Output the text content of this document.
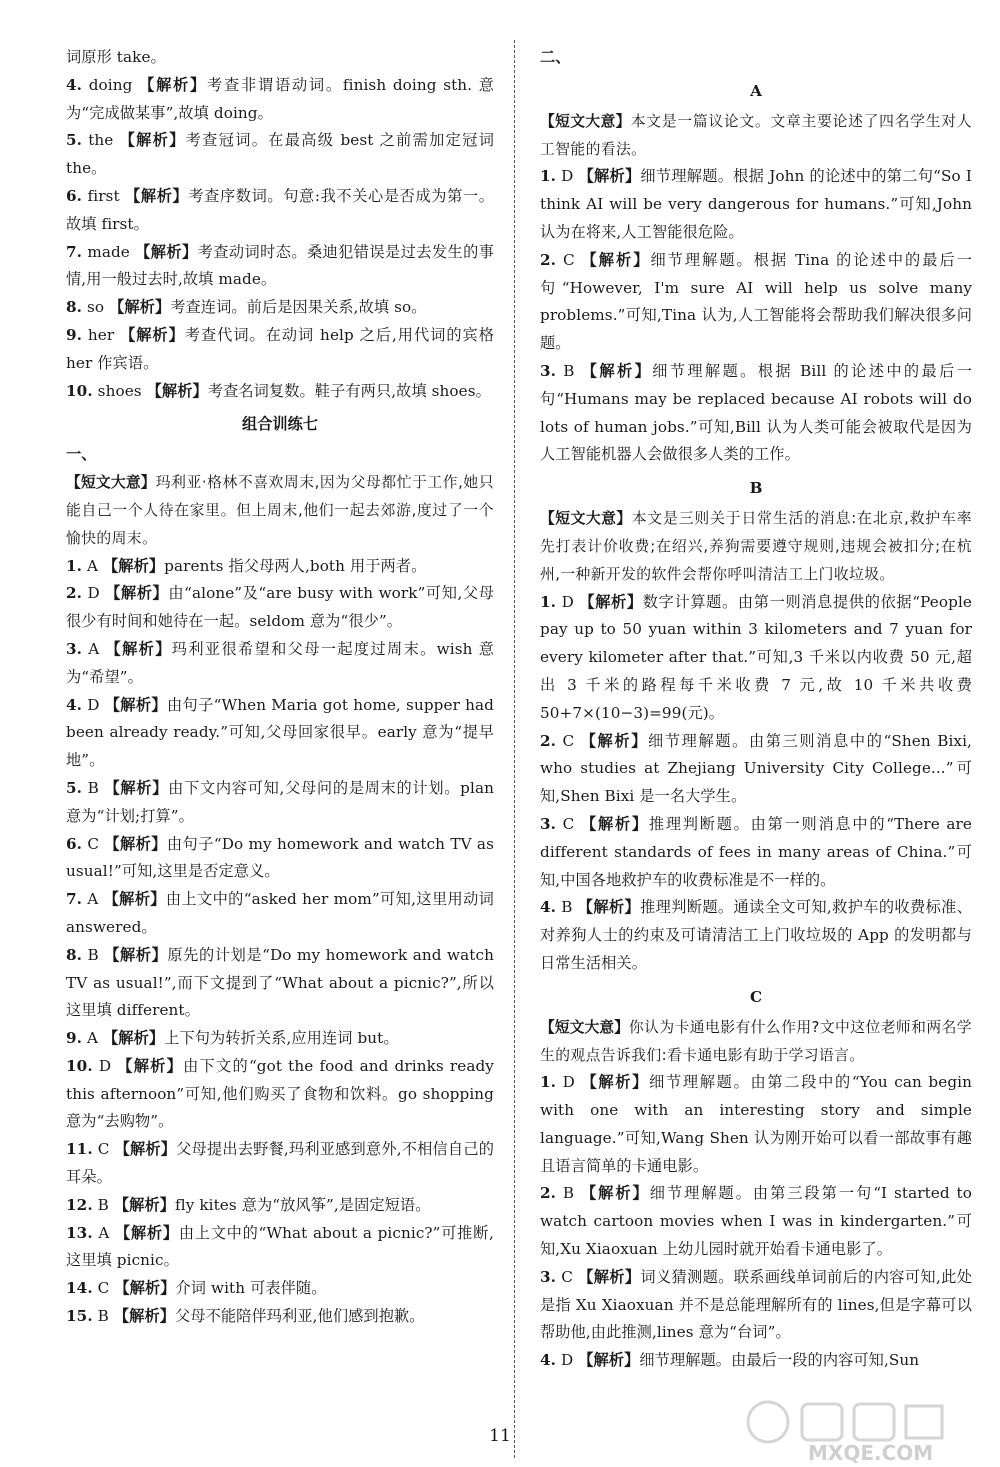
词原形 take。

4. doing 【解析】考查非谓语动词。finish doing sth. 意为“完成做某事”,故填 doing。

5. the 【解析】考查冠词。在最高级 best 之前需加定冠词 the。

6. first 【解析】考查序数词。句意:我不关心是否成为第一。故填 first。

7. made 【解析】考查动词时态。桑迪犯错误是过去发生的事情,用一般过去时,故填 made。

8. so 【解析】考查连词。前后是因果关系,故填 so。

9. her 【解析】考查代词。在动词 help 之后,用代词的宾格 her 作宾语。

10. shoes 【解析】考查名词复数。鞋子有两只,故填 shoes。

组合训练七
一、

【短文大意】玛利亚·格林不喜欢周末,因为父母都忙于工作,她只能自己一个人待在家里。但上周末,他们一起去郊游,度过了一个愉快的周末。

1. A 【解析】parents 指父母两人,both 用于两者。

2. D 【解析】由“alone”及“are busy with work”可知,父母很少有时间和她待在一起。seldom 意为“很少”。

3. A 【解析】玛利亚很希望和父母一起度过周末。wish 意为“希望”。

4. D 【解析】由句子“When Maria got home, supper had been already ready.”可知,父母回家很早。early 意为“提早地”。

5. B 【解析】由下文内容可知,父母问的是周末的计划。plan 意为“计划;打算”。

6. C 【解析】由句子“Do my homework and watch TV as usual!”可知,这里是否定意义。

7. A 【解析】由上文中的“asked her mom”可知,这里用动词 answered。

8. B 【解析】原先的计划是“Do my homework and watch TV as usual!”,而下文提到了“What about a picnic?”,所以这里填 different。

9. A 【解析】上下句为转折关系,应用连词 but。

10. D 【解析】由下文的“got the food and drinks ready this afternoon”可知,他们购买了食物和饮料。go shopping 意为“去购物”。

11. C 【解析】父母提出去野餐,玛利亚感到意外,不相信自己的耳朵。

12. B 【解析】fly kites 意为“放风筝”,是固定短语。

13. A 【解析】由上文中的“What about a picnic?”可推断,这里填 picnic。

14. C 【解析】介词 with 可表伴随。

15. B 【解析】父母不能陪伴玛利亚,他们感到抱歉。

二、
A

【短文大意】本文是一篇议论文。文章主要论述了四名学生对人工智能的看法。

1. D 【解析】细节理解题。根据 John 的论述中的第二句“So I think AI will be very dangerous for humans.”可知,John 认为在将来,人工智能很危险。

2. C 【解析】细节理解题。根据 Tina 的论述中的最后一句“However, I'm sure AI will help us solve many problems.”可知,Tina 认为,人工智能将会帮助我们解决很多问题。

3. B 【解析】细节理解题。根据 Bill 的论述中的最后一句“Humans may be replaced because AI robots will do lots of human jobs.”可知,Bill 认为人类可能会被取代是因为人工智能机器人会做很多人类的工作。

B

【短文大意】本文是三则关于日常生活的消息:在北京,救护车率先打表计价收费;在绍兴,养狗需要遵守规则,违规会被扣分;在杭州,一种新开发的软件会帮你呼叫清洁工上门收垃圾。

1. D 【解析】数字计算题。由第一则消息提供的依据“People pay up to 50 yuan within 3 kilometers and 7 yuan for every kilometer after that.”可知,3 千米以内收费 50 元,超出 3 千米的路程每千米收费 7 元,故 10 千米共收费 50+7×(10−3)=99(元)。

2. C 【解析】细节理解题。由第三则消息中的“Shen Bixi, who studies at Zhejiang University City College...”可知,Shen Bixi 是一名大学生。

3. C 【解析】推理判断题。由第一则消息中的“There are different standards of fees in many areas of China.”可知,中国各地救护车的收费标准是不一样的。

4. B 【解析】推理判断题。通读全文可知,救护车的收费标准、对养狗人士的约束及可请清洁工上门收垃圾的 App 的发明都与日常生活相关。

C

【短文大意】你认为卡通电影有什么作用?文中这位老师和两名学生的观点告诉我们:看卡通电影有助于学习语言。

1. D 【解析】细节理解题。由第二段中的“You can begin with one with an interesting story and simple language.”可知,Wang Shen 认为刚开始可以看一部故事有趣且语言简单的卡通电影。

2. B 【解析】细节理解题。由第三段第一句“I started to watch cartoon movies when I was in kindergarten.”可知,Xu Xiaoxuan 上幼儿园时就开始看卡通电影了。

3. C 【解析】词义猜测题。联系画线单词前后的内容可知,此处是指 Xu Xiaoxuan 并不是总能理解所有的 lines,但是字幕可以帮助他,由此推测,lines 意为“台词”。

4. D 【解析】细节理解题。由最后一段的内容可知,Sun

11
MXQE.COM
